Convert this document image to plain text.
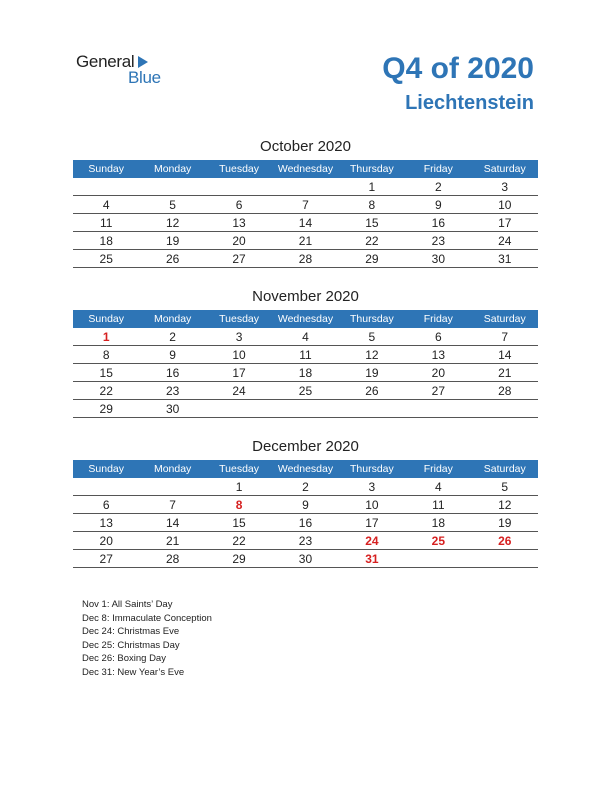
General
Blue	Q4 of 2020
Liechtenstein
October 2020
Sunday	Monday	Tuesday	Wednesday	Thursday	Friday	Saturday
				1	2	3
4	5	6	7	8	9	10
11	12	13	14	15	16	17
18	19	20	21	22	23	24
25	26	27	28	29	30	31
November 2020
Sunday	Monday	Tuesday	Wednesday	Thursday	Friday	Saturday
1	2	3	4	5	6	7
8	9	10	11	12	13	14
15	16	17	18	19	20	21
22	23	24	25	26	27	28
29	30					
December 2020
Sunday	Monday	Tuesday	Wednesday	Thursday	Friday	Saturday
		1	2	3	4	5
6	7	8	9	10	11	12
13	14	15	16	17	18	19
20	21	22	23	24	25	26
27	28	29	30	31		
Nov 1: All Saints’ Day
Dec 8: Immaculate Conception
Dec 24: Christmas Eve
Dec 25: Christmas Day
Dec 26: Boxing Day
Dec 31: New Year’s Eve
